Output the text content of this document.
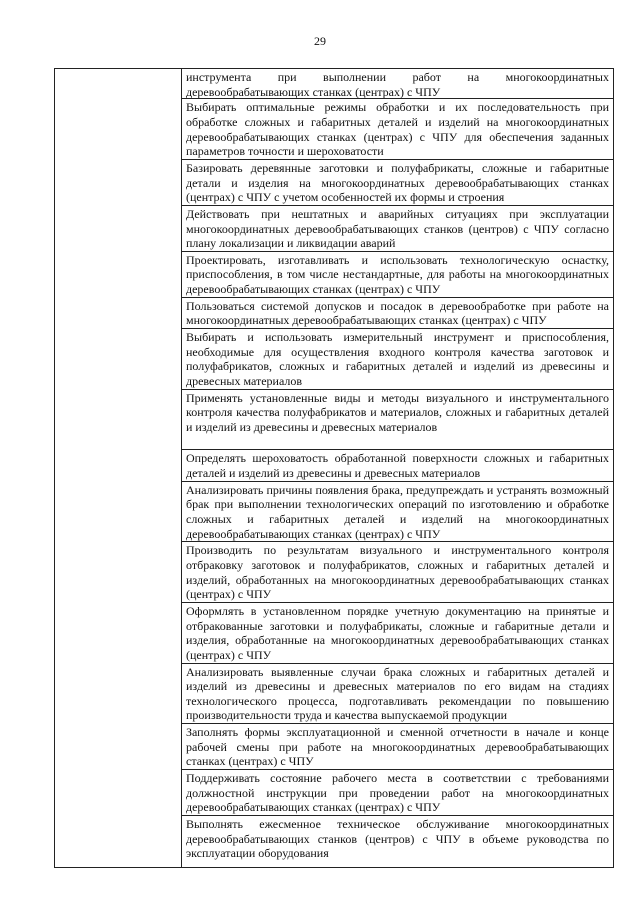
29
инструмента при выполнении работ на многокоординатных деревообрабатывающих станках (центрах) с ЧПУ
Выбирать оптимальные режимы обработки и их последовательность при обработке сложных и габаритных деталей и изделий на многокоординатных деревообрабатывающих станках (центрах) с ЧПУ для обеспечения заданных параметров точности и шероховатости
Базировать деревянные заготовки и полуфабрикаты, сложные и габаритные детали и изделия на многокоординатных деревообрабатывающих станках (центрах) с ЧПУ с учетом особенностей их формы и строения
Действовать при нештатных и аварийных ситуациях при эксплуатации многокоординатных деревообрабатывающих станков (центров) с ЧПУ согласно плану локализации и ликвидации аварий
Проектировать, изготавливать и использовать технологическую оснастку, приспособления, в том числе нестандартные, для работы на многокоординатных деревообрабатывающих станках (центрах) с ЧПУ
Пользоваться системой допусков и посадок в деревообработке при работе на многокоординатных деревообрабатывающих станках (центрах) с ЧПУ
Выбирать и использовать измерительный инструмент и приспособления, необходимые для осуществления входного контроля качества заготовок и полуфабрикатов, сложных и габаритных деталей и изделий из древесины и древесных материалов
Применять установленные виды и методы визуального и инструментального контроля качества полуфабрикатов и материалов, сложных и габаритных деталей и изделий из древесины и древесных материалов
Определять шероховатость обработанной поверхности сложных и габаритных деталей и изделий из древесины и древесных материалов
Анализировать причины появления брака, предупреждать и устранять возможный брак при выполнении технологических операций по изготовлению и обработке сложных и габаритных деталей и изделий на многокоординатных деревообрабатывающих станках (центрах) с ЧПУ
Производить по результатам визуального и инструментального контроля отбраковку заготовок и полуфабрикатов, сложных и габаритных деталей и изделий, обработанных на многокоординатных деревообрабатывающих станках (центрах) с ЧПУ
Оформлять в установленном порядке учетную документацию на принятые и отбракованные заготовки и полуфабрикаты, сложные и габаритные детали и изделия, обработанные на многокоординатных деревообрабатывающих станках (центрах) с ЧПУ
Анализировать выявленные случаи брака сложных и габаритных деталей и изделий из древесины и древесных материалов по его видам на стадиях технологического процесса, подготавливать рекомендации по повышению производительности труда и качества выпускаемой продукции
Заполнять формы эксплуатационной и сменной отчетности в начале и конце рабочей смены при работе на многокоординатных деревообрабатывающих станках (центрах) с ЧПУ
Поддерживать состояние рабочего места в соответствии с требованиями должностной инструкции при проведении работ на многокоординатных деревообрабатывающих станках (центрах) с ЧПУ
Выполнять ежесменное техническое обслуживание многокоординатных деревообрабатывающих станков (центров) с ЧПУ в объеме руководства по эксплуатации оборудования
